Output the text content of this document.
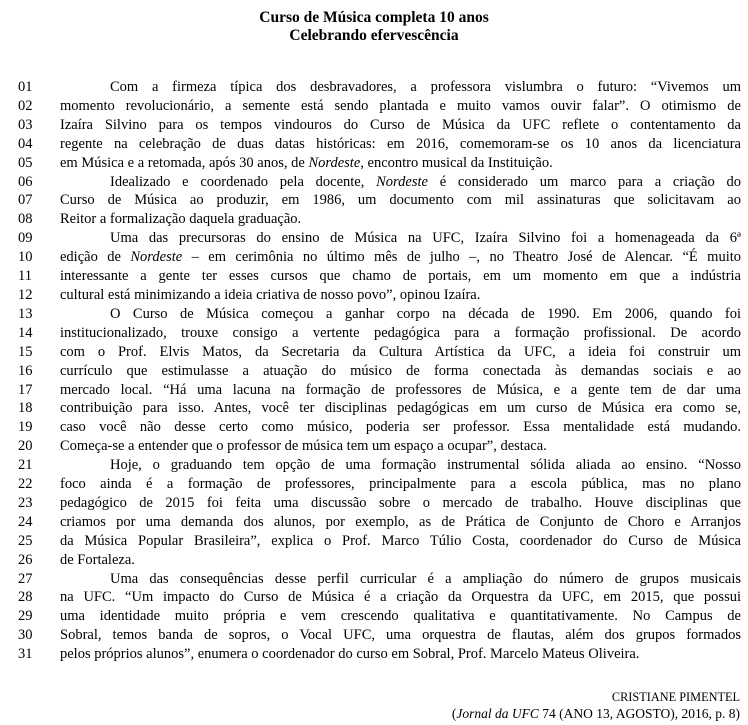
Curso de Música completa 10 anos
Celebrando efervescência
01	Com a firmeza típica dos desbravadores, a professora vislumbra o futuro: “Vivemos um
02	momento revolucionário, a semente está sendo plantada e muito vamos ouvir falar”. O otimismo de
03	Izaíra Silvino para os tempos vindouros do Curso de Música da UFC reflete o contentamento da
04	regente na celebração de duas datas históricas: em 2016, comemoram-se os 10 anos da licenciatura
05	em Música e a retomada, após 30 anos, de Nordeste, encontro musical da Instituição.
06	Idealizado e coordenado pela docente, Nordeste é considerado um marco para a criação do
07	Curso de Música ao produzir, em 1986, um documento com mil assinaturas que solicitavam ao
08	Reitor a formalização daquela graduação.
09	Uma das precursoras do ensino de Música na UFC, Izaíra Silvino foi a homenageada da 6ª
10	edição de Nordeste – em cerimônia no último mês de julho –, no Theatro José de Alencar. “É muito
11	interessante a gente ter esses cursos que chamo de portais, em um momento em que a indústria
12	cultural está minimizando a ideia criativa de nosso povo”, opinou Izaíra.
13	O Curso de Música começou a ganhar corpo na década de 1990. Em 2006, quando foi
14	institucionalizado, trouxe consigo a vertente pedagógica para a formação profissional. De acordo
15	com o Prof. Elvis Matos, da Secretaria da Cultura Artística da UFC, a ideia foi construir um
16	currículo que estimulasse a atuação do músico de forma conectada às demandas sociais e ao
17	mercado local. “Há uma lacuna na formação de professores de Música, e a gente tem de dar uma
18	contribuição para isso. Antes, você ter disciplinas pedagógicas em um curso de Música era como se,
19	caso você não desse certo como músico, poderia ser professor. Essa mentalidade está mudando.
20	Começa-se a entender que o professor de música tem um espaço a ocupar”, destaca.
21	Hoje, o graduando tem opção de uma formação instrumental sólida aliada ao ensino. “Nosso
22	foco ainda é a formação de professores, principalmente para a escola pública, mas no plano
23	pedagógico de 2015 foi feita uma discussão sobre o mercado de trabalho. Houve disciplinas que
24	criamos por uma demanda dos alunos, por exemplo, as de Prática de Conjunto de Choro e Arranjos
25	da Música Popular Brasileira”, explica o Prof. Marco Túlio Costa, coordenador do Curso de Música
26	de Fortaleza.
27	Uma das consequências desse perfil curricular é a ampliação do número de grupos musicais
28	na UFC. “Um impacto do Curso de Música é a criação da Orquestra da UFC, em 2015, que possui
29	uma identidade muito própria e vem crescendo qualitativa e quantitativamente. No Campus de
30	Sobral, temos banda de sopros, o Vocal UFC, uma orquestra de flautas, além dos grupos formados
31	pelos próprios alunos”, enumera o coordenador do curso em Sobral, Prof. Marcelo Mateus Oliveira.
CRISTIANE PIMENTEL
(Jornal da UFC 74 (ANO 13, AGOSTO), 2016, p. 8)
